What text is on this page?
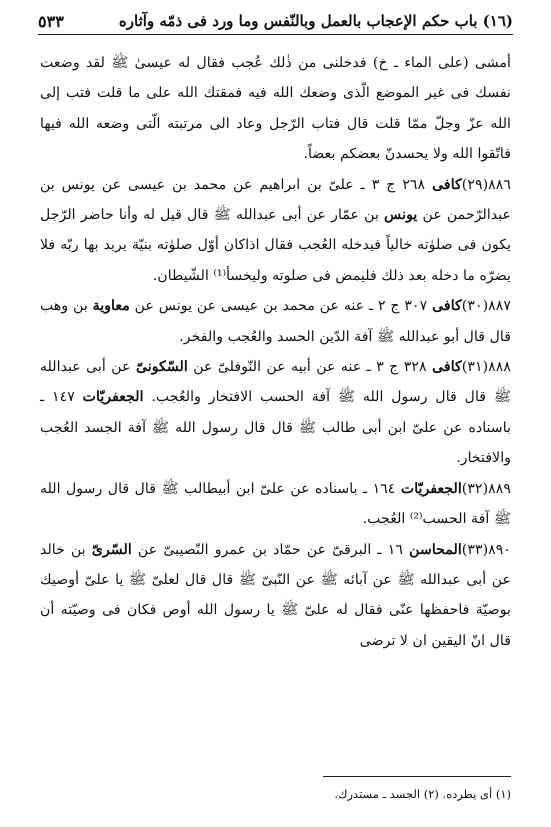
(١٦) باب حكم الإعجاب بالعمل وبالنّفس وما ورد فى ذمّه وآثاره
٥٣٣

أمشى (على الماء ـ خ) فدخلنى من ذٰلك عُجب فقال له عيسىٰ ﷺ لقد وضعت نفسك فى غير الموضع الّذى وضعك الله فيه فمقتك الله على ما قلت فتب إلى الله عزّ وجلّ ممّا قلت قال فتاب الرّجل وعاد الى مرتبته الّتى وضعه الله فيها فاتّقوا الله ولا يحسدنّ بعضكم بعضاً.

٨٨٦(٢٩)كافى ٢٦٨ ج ٣ ـ علىّ بن ابراهيم عن محمد بن عيسى عن يونس بن عبدالرّحمن عن يونس بن عمّار عن أبى عبدالله ﷺ قال قيل له وأنا حاضر الرّجل يكون فى صلوٰته خالياً فيدخله العُجب فقال اذاكان أوّل صلوٰته بنيّة يريد بها ربّه فلا يضرّه ما دخله بعد ذلك فليمض فى صلوته وليخسأ⁽¹⁾ الشّيطان.

٨٨٧(٣٠)كافى ٣٠٧ ج ٢ ـ عنه عن محمد بن عيسى عن يونس عن معاوية بن وهب قال قال أبو عبدالله ﷺ آفة الدّين الحسد والعُجب والفخر.

٨٨٨(٣١)كافى ٣٢٨ ج ٣ ـ عنه عن أبيه عن النّوفلىّ عن السّكونىّ عن أبى عبدالله ﷺ قال قال رسول الله ﷺ آفة الحسب الافتخار والعُجب. الجعفريّات ١٤٧ ـ باسناده عن علىّ ابن أبى طالب ﷺ قال قال رسول الله ﷺ آفة الجسد العُجب والافتخار.

٨٨٩(٣٢)الجعفريّات ١٦٤ ـ باسناده عن علىّ ابن أبيطالب ﷺ قال قال رسول الله ﷺ آفة الحسب⁽²⁾ العُجب.

٨٩٠(٣٣)المحاسن ١٦ ـ البرقىّ عن حمّاد بن عمرو النّصيبىّ عن السّرىّ بن خالد عن أبى عبدالله ﷺ عن آبائه ﷺ عن النّبىّ ﷺ قال قال لعلىّ ﷺ يا علىّ أوصيك بوصيّة فاحفظها عنّى فقال له علىّ ﷺ يا رسول الله أوص فكان فى وصيّته أن قال انّ اليقين ان لا ترضى

(١) أى يطرده. (٢) الجسد ـ مستدرك.
